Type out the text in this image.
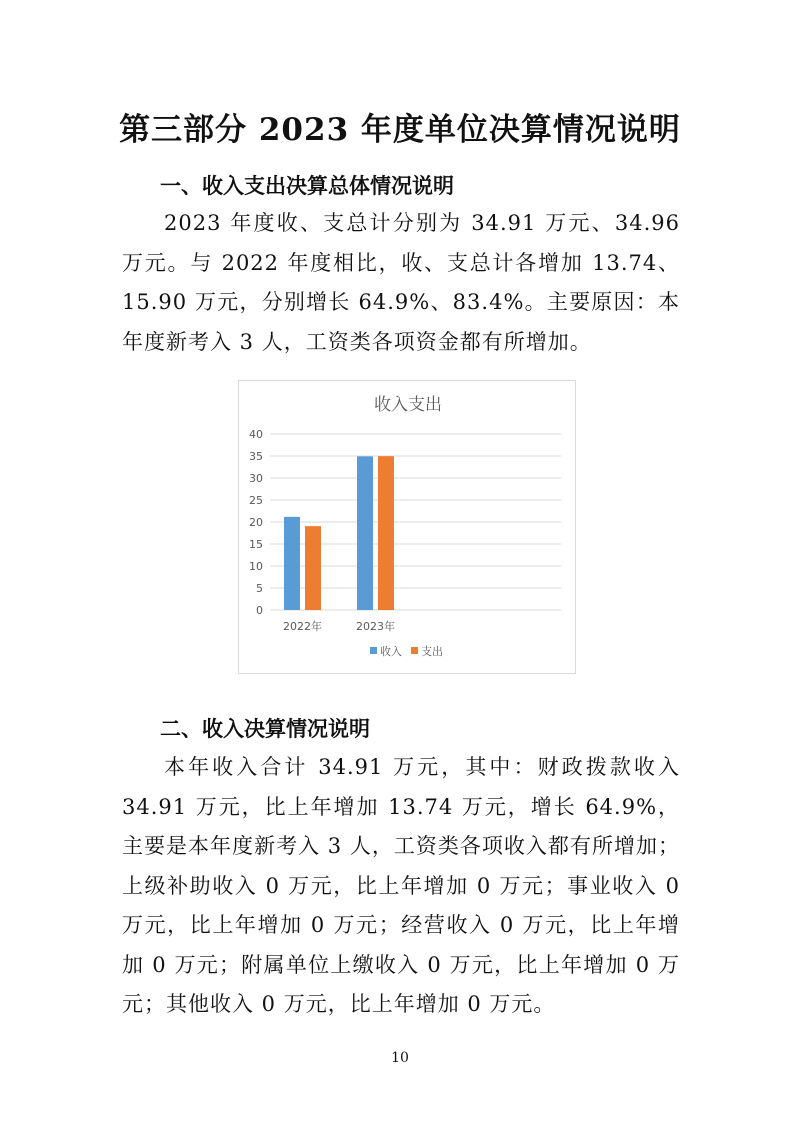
第三部分 2023 年度单位决算情况说明
一、收入支出决算总体情况说明

2023 年度收、支总计分别为 34.91 万元、34.96 万元。与 2022 年度相比，收、支总计各增加 13.74、15.90 万元，分别增长 64.9%、83.4%。主要原因：本年度新考入 3 人，工资类各项资金都有所增加。

收入支出
0
5
10
15
20
25
30
35
40
2022年	2023年
收入 支出
二、收入决算情况说明

本年收入合计 34.91 万元，其中：财政拨款收入 34.91 万元，比上年增加 13.74 万元，增长 64.9%，主要是本年度新考入 3 人，工资类各项收入都有所增加；上级补助收入 0 万元，比上年增加 0 万元；事业收入 0 万元，比上年增加 0 万元；经营收入 0 万元，比上年增加 0 万元；附属单位上缴收入 0 万元，比上年增加 0 万元；其他收入 0 万元，比上年增加 0 万元。

10
